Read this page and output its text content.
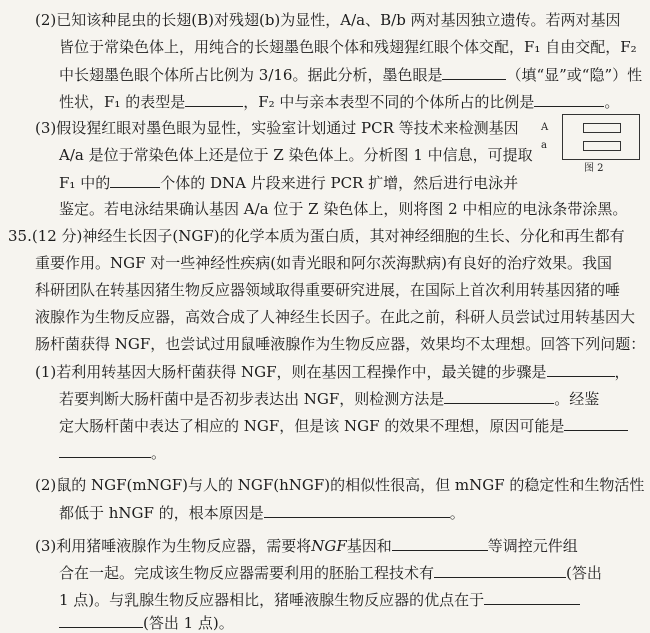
(2)已知该种昆虫的长翅(B)对残翅(b)为显性，A/a、B/b 两对基因独立遗传。若两对基因
皆位于常染色体上，用纯合的长翅墨色眼个体和残翅猩红眼个体交配，F₁ 自由交配，F₂
中长翅墨色眼个体所占比例为 3/16。据此分析，墨色眼是	（填“显”或“隐”）性
性状，F₁ 的表型是	，F₂ 中与亲本表型不同的个体所占的比例是	。
(3)假设猩红眼对墨色眼为显性，实验室计划通过 PCR 等技术来检测基因
A/a 是位于常染色体上还是位于 Z 染色体上。分析图 1 中信息，可提取
F₁ 中的	个体的 DNA 片段来进行 PCR 扩增，然后进行电泳并
鉴定。若电泳结果确认基因 A/a 位于 Z 染色体上，则将图 2 中相应的电泳条带涂黑。
A
a
图 2
35.(12 分)神经生长因子(NGF)的化学本质为蛋白质，其对神经细胞的生长、分化和再生都有
重要作用。NGF 对一些神经性疾病(如青光眼和阿尔茨海默病)有良好的治疗效果。我国
科研团队在转基因猪生物反应器领域取得重要研究进展，在国际上首次利用转基因猪的唾
液腺作为生物反应器，高效合成了人神经生长因子。在此之前，科研人员尝试过用转基因大
肠杆菌获得 NGF，也尝试过用鼠唾液腺作为生物反应器，效果均不太理想。回答下列问题：
(1)若利用转基因大肠杆菌获得 NGF，则在基因工程操作中，最关键的步骤是	，
若要判断大肠杆菌中是否初步表达出 NGF，则检测方法是	。经鉴
定大肠杆菌中表达了相应的 NGF，但是该 NGF 的效果不理想，原因可能是
。
(2)鼠的 NGF(mNGF)与人的 NGF(hNGF)的相似性很高，但 mNGF 的稳定性和生物活性
都低于 hNGF 的，根本原因是	。
(3)利用猪唾液腺作为生物反应器，需要将NGF基因和	等调控元件组
合在一起。完成该生物反应器需要利用的胚胎工程技术有	(答出
1 点)。与乳腺生物反应器相比，猪唾液腺生物反应器的优点在于
(答出 1 点)。
